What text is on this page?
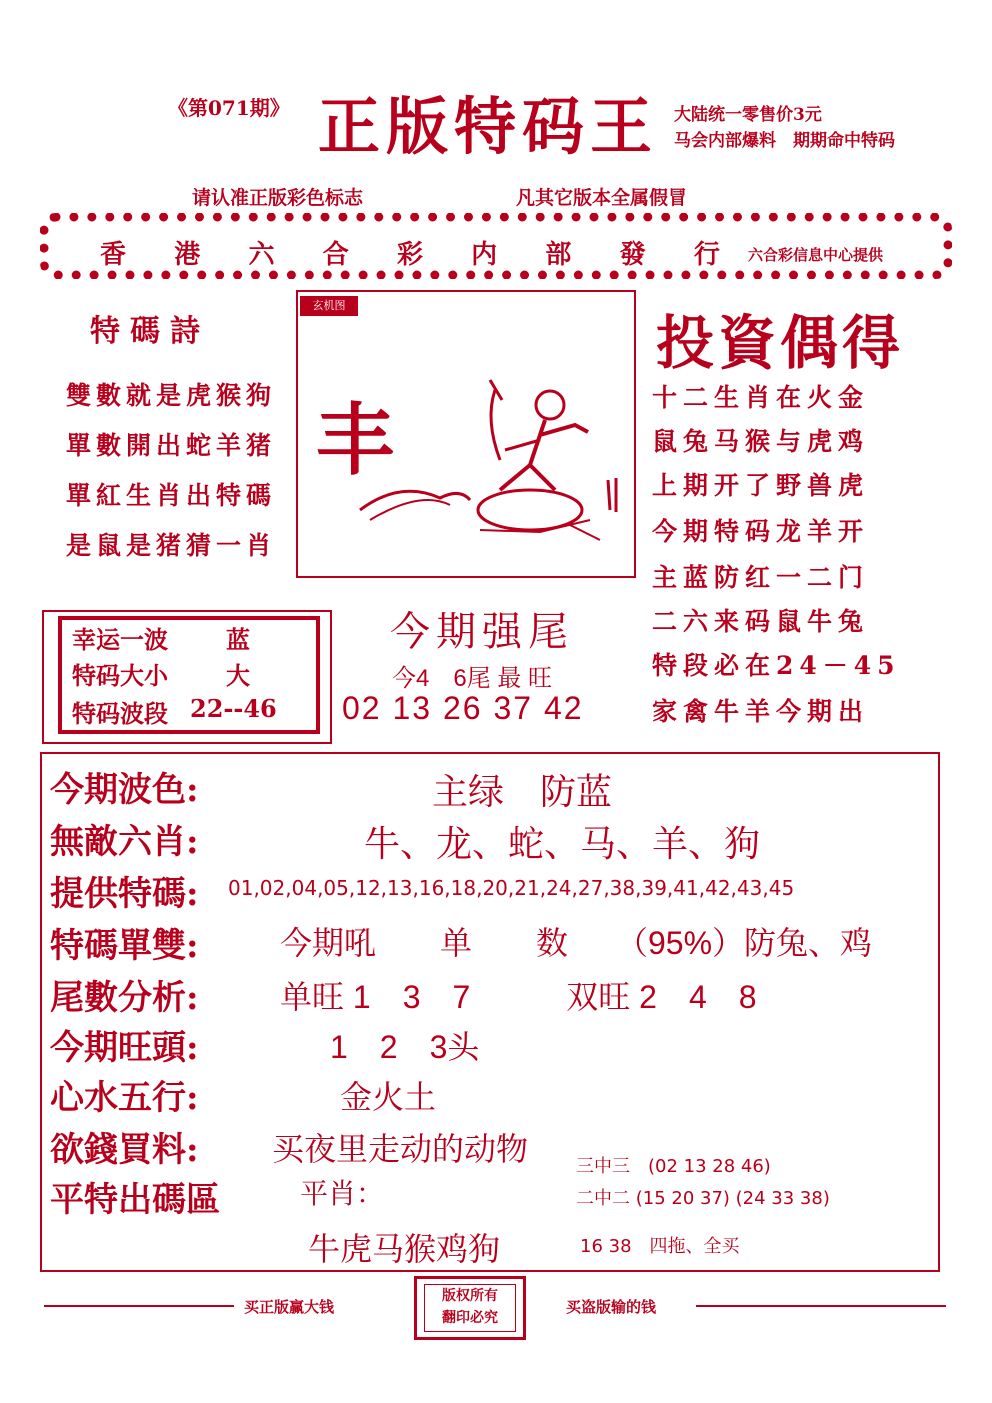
《第071期》 正版特码王 大陆统一零售价3元
马会内部爆料　期期命中特码
请认准正版彩色标志	凡其它版本全属假冒
香 港 六 合 彩 内 部 發 行 六合彩信息中心提供
特碼詩
雙數就是虎猴狗
單數開出蛇羊猪
單紅生肖出特碼
是鼠是猪猜一肖
玄机图
丰
投資偶得
十二生肖在火金
鼠兔马猴与虎鸡
上期开了野兽虎
今期特码龙羊开
主蓝防红一二门
二六来码鼠牛兔
特段必在24－45
家禽牛羊今期出
幸运一波 蓝
特码大小 大
特码波段 22--46
今期强尾
今4　6尾 最 旺
02 13 26 37 42
今期波色:	主绿　防蓝
無敵六肖:	牛、龙、蛇、马、羊、狗
提供特碼: 01,02,04,05,12,13,16,18,20,21,24,27,38,39,41,42,43,45
特碼單雙:	今期吼　　单　　数　　（95%）防兔、鸡
尾數分析:	单旺 1　3　7　　　双旺 2　4　8
今期旺頭:	1　2　3头
心水五行:	金火土
欲錢買料: 买夜里走动的动物
平特出碼區	平肖：
牛虎马猴鸡狗
三中三　(02 13 28 46)
二中二 (15 20 37) (24 33 38)
16 38　四拖、全买
买正版赢大钱
版权所有
翻印必究
买盗版输的钱
